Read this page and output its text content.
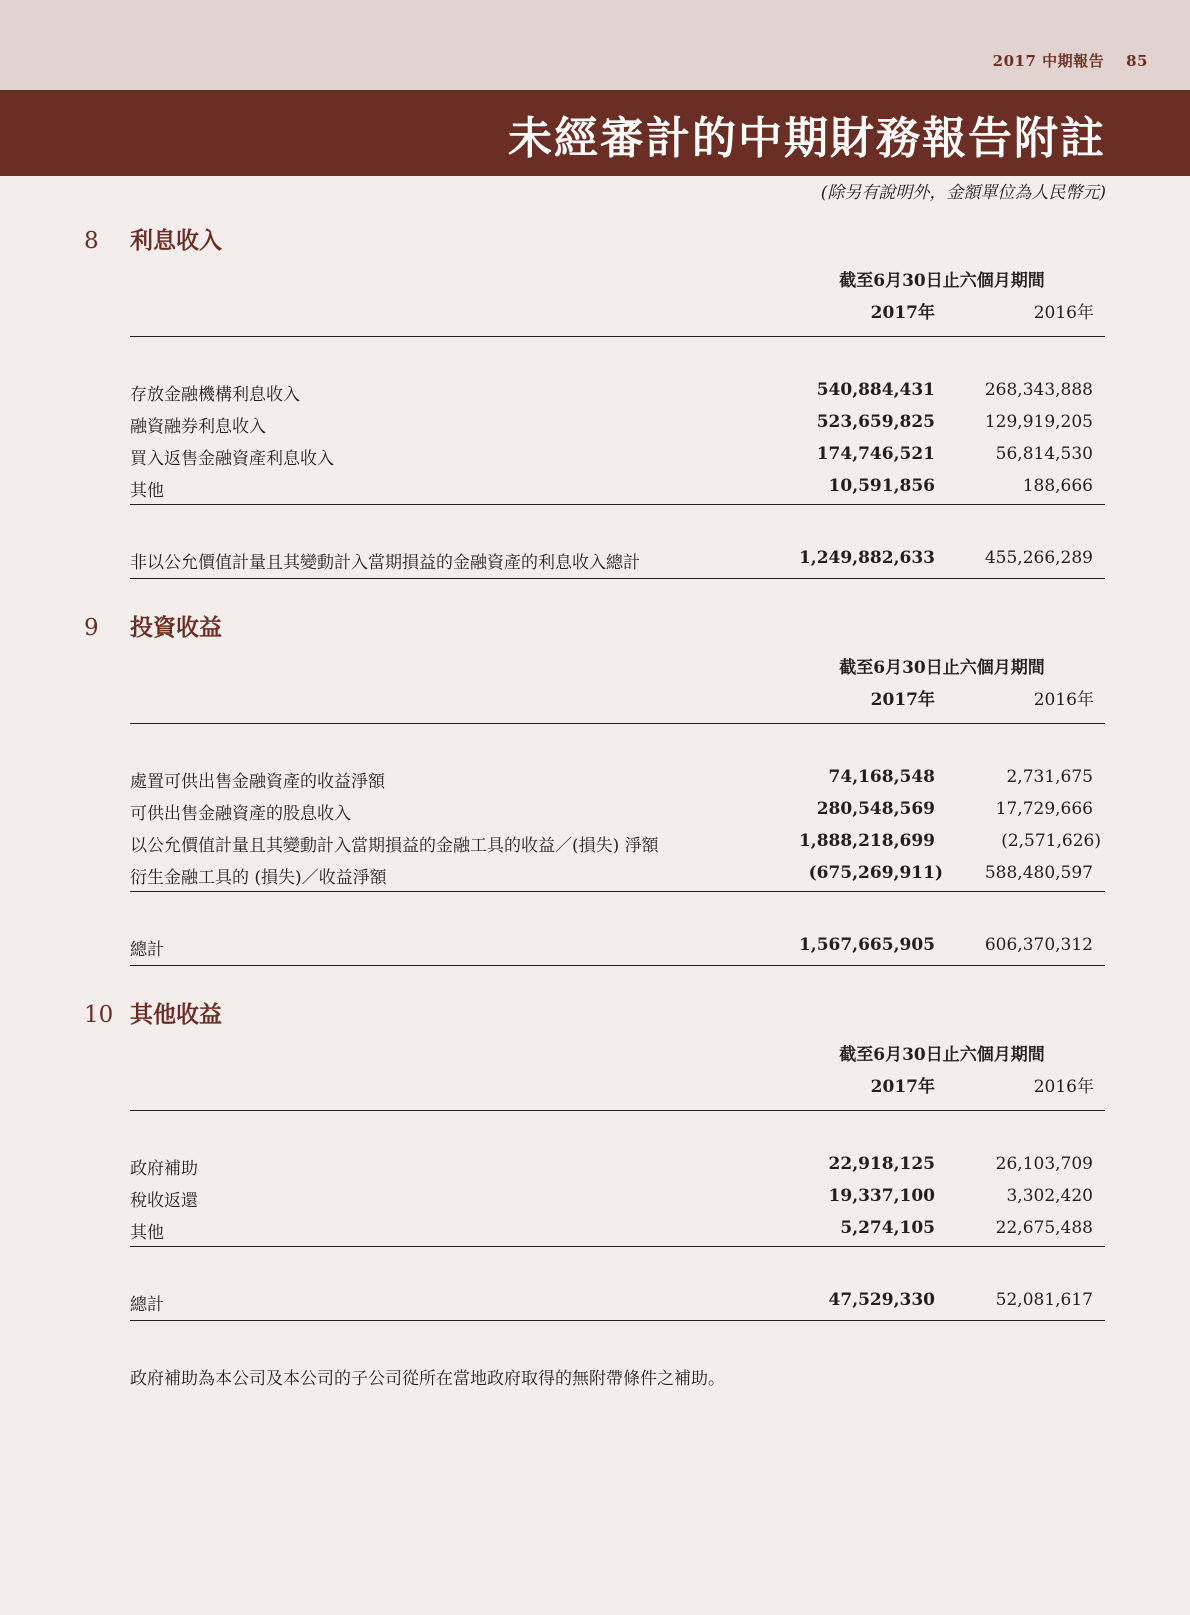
2017 中期報告 85
未經審計的中期財務報告附註
(除另有說明外，金額單位為人民幣元)
8 利息收入
截至6月30日止六個月期間
2017年	2016年
存放金融機構利息收入	540,884,431	268,343,888
融資融券利息收入	523,659,825	129,919,205
買入返售金融資產利息收入	174,746,521	56,814,530
其他	10,591,856	188,666
非以公允價值計量且其變動計入當期損益的金融資產的利息收入總計	1,249,882,633	455,266,289
9 投資收益
截至6月30日止六個月期間
2017年	2016年
處置可供出售金融資產的收益淨額	74,168,548	2,731,675
可供出售金融資產的股息收入	280,548,569	17,729,666
以公允價值計量且其變動計入當期損益的金融工具的收益／(損失) 淨額	1,888,218,699	(2,571,626)
衍生金融工具的 (損失)／收益淨額	(675,269,911) 588,480,597
總計	1,567,665,905	606,370,312
10 其他收益
截至6月30日止六個月期間
2017年	2016年
政府補助	22,918,125	26,103,709
稅收返還	19,337,100	3,302,420
其他	5,274,105	22,675,488
總計	47,529,330	52,081,617
政府補助為本公司及本公司的子公司從所在當地政府取得的無附帶條件之補助。
